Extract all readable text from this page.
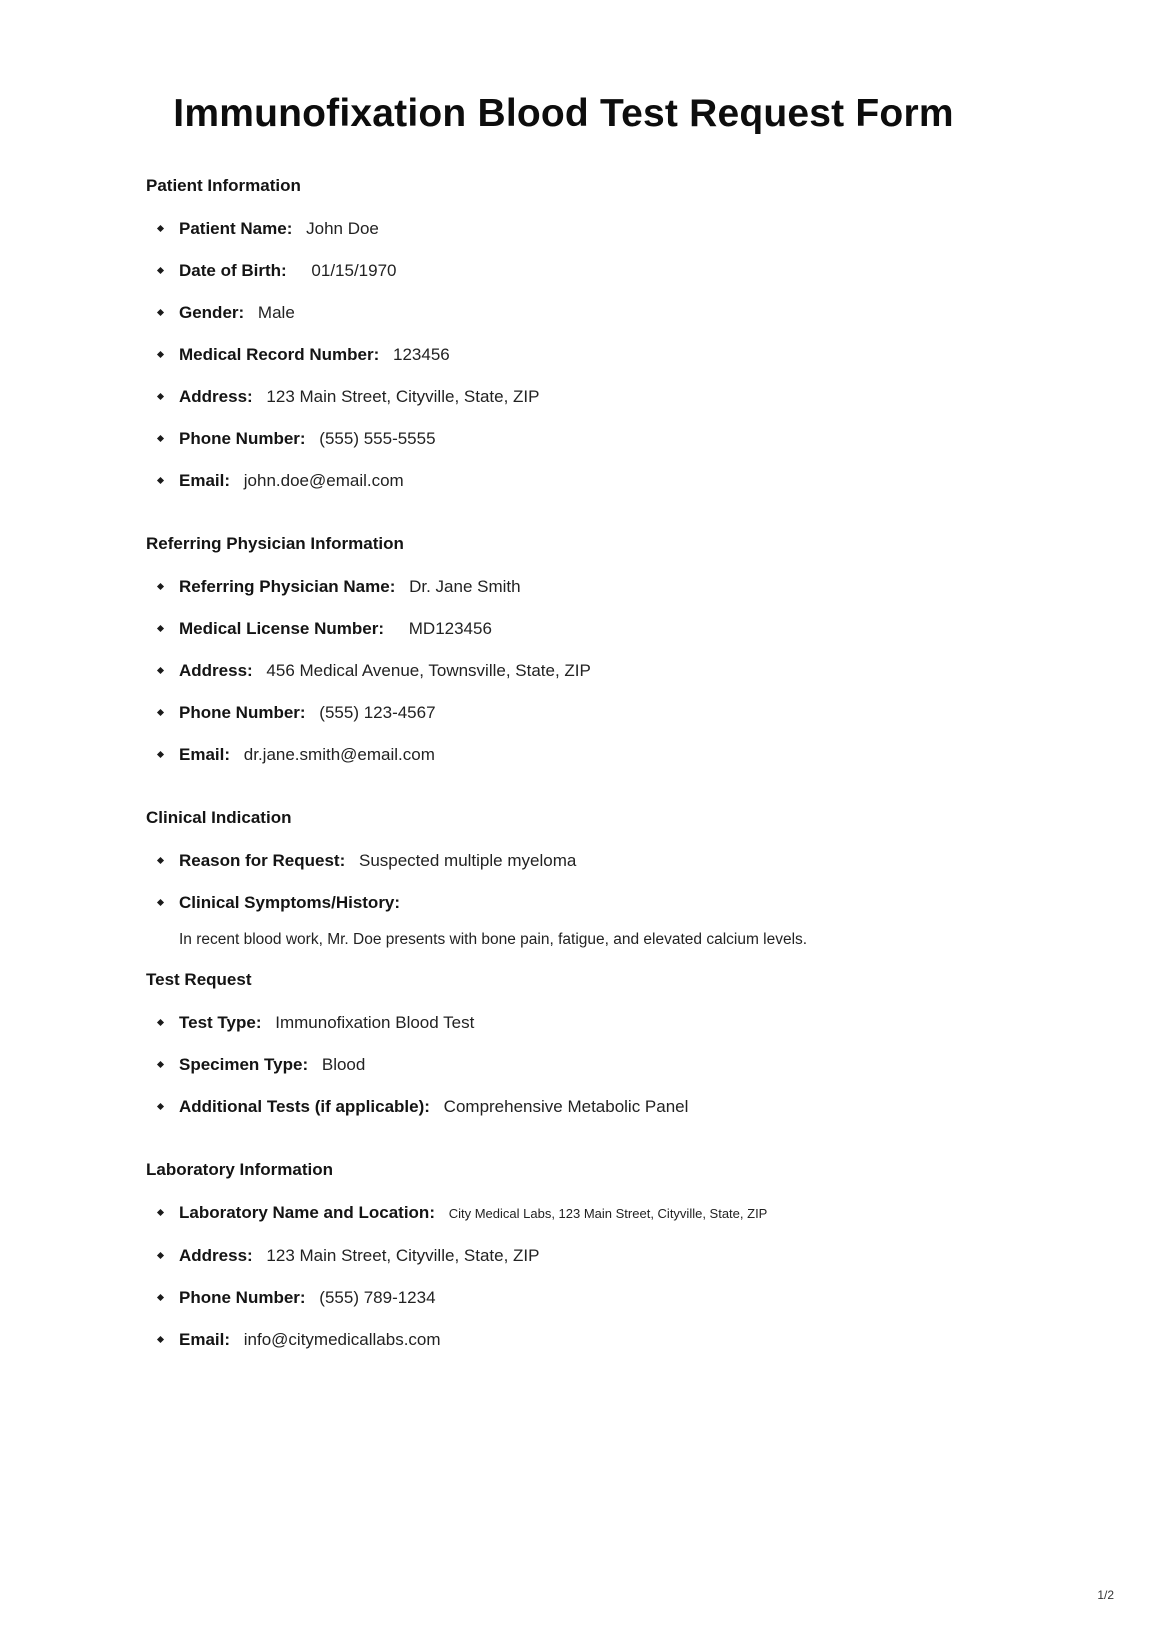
Immunofixation Blood Test Request Form
Patient Information
Patient Name: John Doe
Date of Birth: 01/15/1970
Gender: Male
Medical Record Number: 123456
Address: 123 Main Street, Cityville, State, ZIP
Phone Number: (555) 555-5555
Email: john.doe@email.com
Referring Physician Information
Referring Physician Name: Dr. Jane Smith
Medical License Number: MD123456
Address: 456 Medical Avenue, Townsville, State, ZIP
Phone Number: (555) 123-4567
Email: dr.jane.smith@email.com
Clinical Indication
Reason for Request: Suspected multiple myeloma
Clinical Symptoms/History:
In recent blood work, Mr. Doe presents with bone pain, fatigue, and elevated calcium levels.
Test Request
Test Type: Immunofixation Blood Test
Specimen Type: Blood
Additional Tests (if applicable): Comprehensive Metabolic Panel
Laboratory Information
Laboratory Name and Location: City Medical Labs, 123 Main Street, Cityville, State, ZIP
Address: 123 Main Street, Cityville, State, ZIP
Phone Number: (555) 789-1234
Email: info@citymedicallabs.com
1/2
